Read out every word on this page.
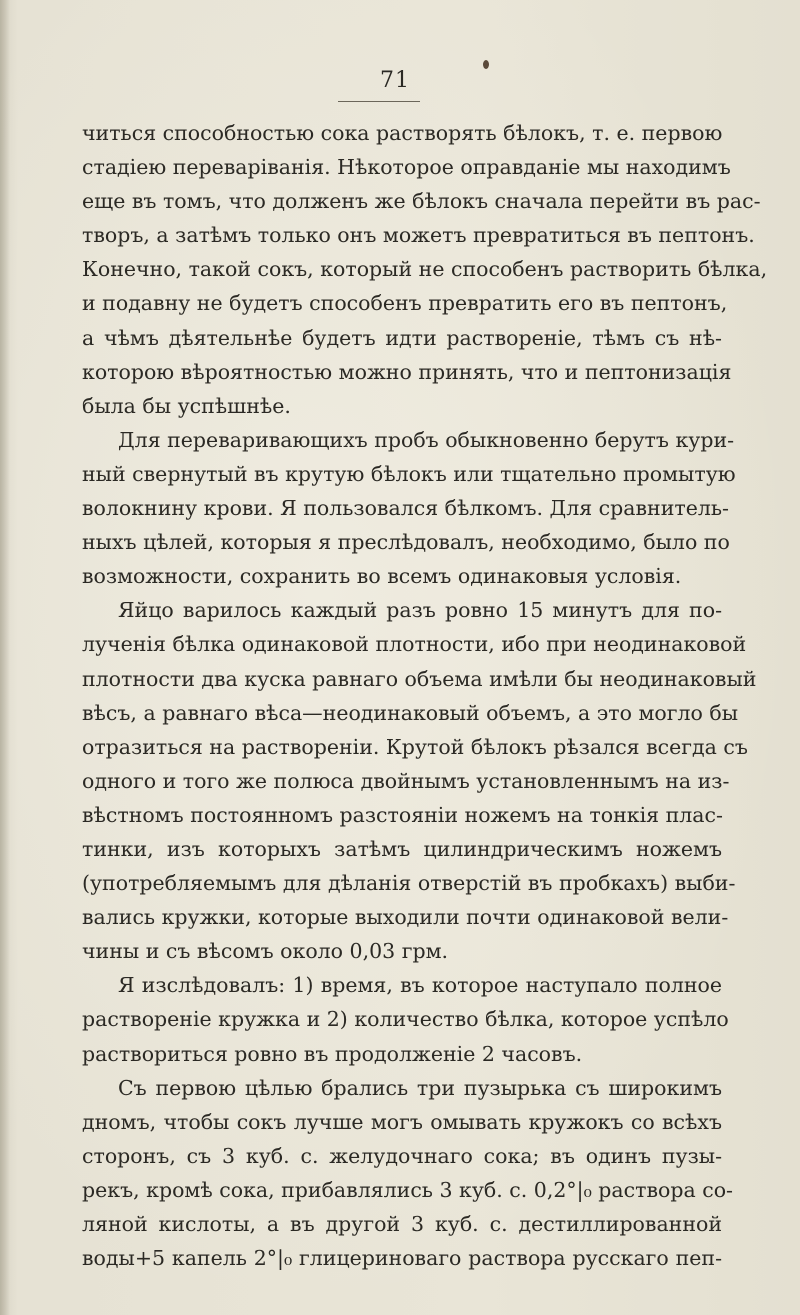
71
читься способностью сока растворять бѣлокъ, т. е. первою
стадіею переваріванія. Нѣкоторое оправданіе мы находимъ
еще въ томъ, что долженъ же бѣлокъ сначала перейти въ рас-
творъ, а затѣмъ только онъ можетъ превратиться въ пептонъ.
Конечно, такой сокъ, который не способенъ растворить бѣлка,
и подавну не будетъ способенъ превратить его въ пептонъ,
а чѣмъ дѣятельнѣе будетъ идти раствореніе, тѣмъ съ нѣ-
которою вѣроятностью можно принять, что и пептонизація
была бы успѣшнѣе.
Для переваривающихъ пробъ обыкновенно берутъ кури-
ный свернутый въ крутую бѣлокъ или тщательно промытую
волокнину крови. Я пользовался бѣлкомъ. Для сравнитель-
ныхъ цѣлей, которыя я преслѣдовалъ, необходимо, было по
возможности, сохранить во всемъ одинаковыя условія.
Яйцо варилось каждый разъ ровно 15 минутъ для по-
лученія бѣлка одинаковой плотности, ибо при неодинаковой
плотности два куска равнаго объема имѣли бы неодинаковый
вѣсъ, а равнаго вѣса—неодинаковый объемъ, а это могло бы
отразиться на раствореніи. Крутой бѣлокъ рѣзался всегда съ
одного и того же полюса двойнымъ установленнымъ на из-
вѣстномъ постоянномъ разстояніи ножемъ на тонкія плас-
тинки, изъ которыхъ затѣмъ цилиндрическимъ ножемъ
(употребляемымъ для дѣланія отверстій въ пробкахъ) выби-
вались кружки, которые выходили почти одинаковой вели-
чины и съ вѣсомъ около 0,03 грм.
Я изслѣдовалъ: 1) время, въ которое наступало полное
раствореніе кружка и 2) количество бѣлка, которое успѣло
раствориться ровно въ продолженіе 2 часовъ.
Съ первою цѣлью брались три пузырька съ широкимъ
дномъ, чтобы сокъ лучше могъ омывать кружокъ со всѣхъ
сторонъ, съ 3 куб. с. желудочнаго сока; въ одинъ пузы-
рекъ, кромѣ сока, прибавлялись 3 куб. с. 0,2°|₀ раствора со-
ляной кислоты, а въ другой 3 куб. с. дестиллированной
воды+5 капель 2°|₀ глицериноваго раствора русскаго пеп-
